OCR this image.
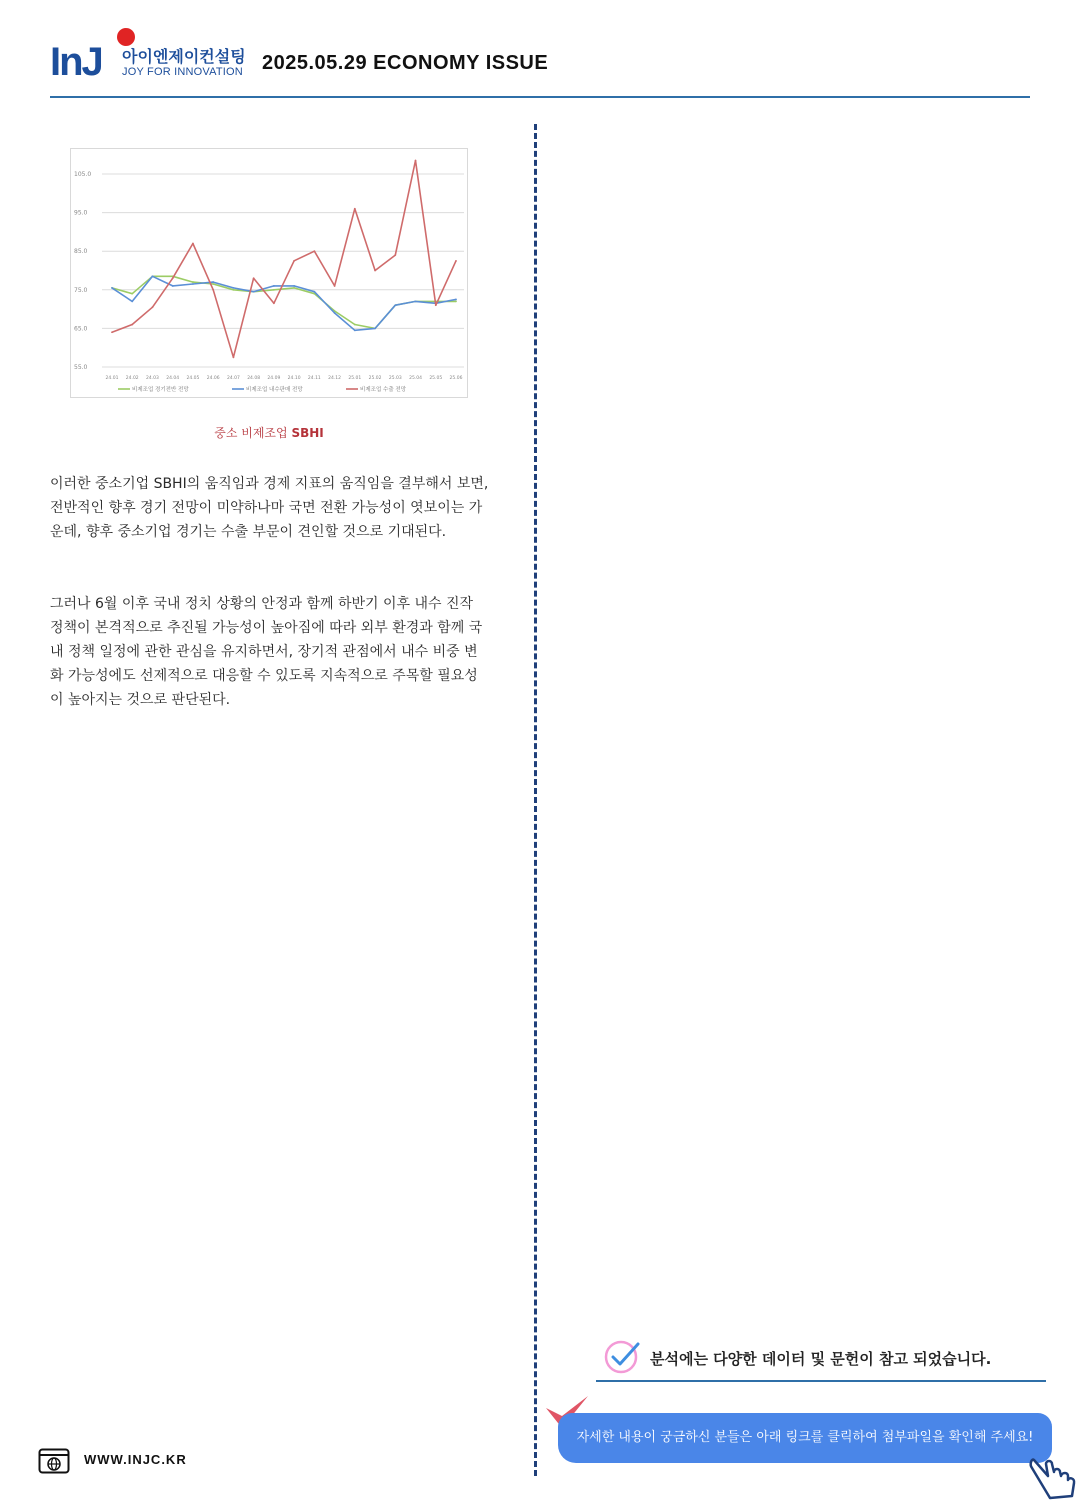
InJ 아이엔제이컨설팅
JOY FOR INNOVATION 2025.05.29 ECONOMY ISSUE
105.0
95.0
85.0
75.0
65.0
55.0
24.01 24.02 24.03 24.04 24.05 24.06 24.07 24.08 24.09 24.10 24.11 24.12 25.01 25.02 25.03 25.04 25.05 25.06
비제조업 경기전반 전망	비제조업 내수판매 전망	비제조업 수출 전망
중소 비제조업 SBHI

이러한 중소기업 SBHI의 움직임과 경제 지표의 움직임을 결부해서 보면, 전반적인 향후 경기 전망이 미약하나마 국면 전환 가능성이 엿보이는 가운데, 향후 중소기업 경기는 수출 부문이 견인할 것으로 기대된다.

그러나 6월 이후 국내 정치 상황의 안정과 함께 하반기 이후 내수 진작 정책이 본격적으로 추진될 가능성이 높아짐에 따라 외부 환경과 함께 국내 정책 일정에 관한 관심을 유지하면서, 장기적 관점에서 내수 비중 변화 가능성에도 선제적으로 대응할 수 있도록 지속적으로 주목할 필요성이 높아지는 것으로 판단된다.

분석에는 다양한 데이터 및 문헌이 참고 되었습니다.
자세한 내용이 궁금하신 분들은 아래 링크를 클릭하여 첨부파일을 확인해 주세요!
WWW.INJC.KR
